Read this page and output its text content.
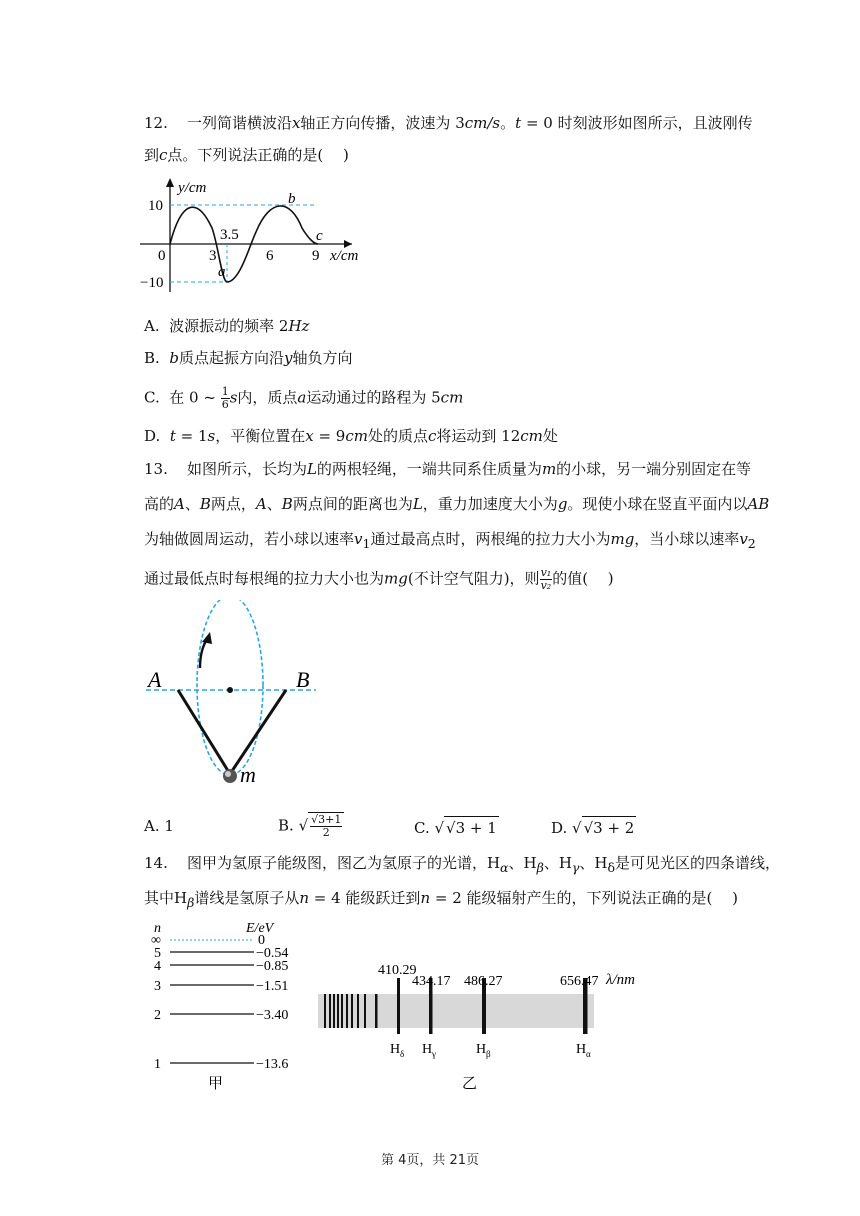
12. 一列简谐横波沿x轴正方向传播，波速为 3cm/s。t = 0 时刻波形如图所示，且波刚传
到c点。下列说法正确的是(　 )
y/cm
x/cm
10
−10
0	3	6	9
3.5
a
b
c
A. 波源振动的频率 2Hz
B. b质点起振方向沿y轴负方向
C. 在 0 ~ $\frac{1}{6}$ s内，质点a运动通过的路程为 5cm
D. t = 1s，平衡位置在x = 9cm处的质点c将运动到 12cm处
13. 如图所示，长均为L的两根轻绳，一端共同系住质量为m的小球，另一端分别固定在等
高的A、B两点，A、B两点间的距离也为L，重力加速度大小为g。现使小球在竖直平面内以AB
为轴做圆周运动，若小球以速率$v_1$通过最高点时，两根绳的拉力大小为mg，当小球以速率$v_2$
通过最低点时每根绳的拉力大小也为mg(不计空气阻力)，则 $\frac{\text{v₁}}{\text{v₂}}$ 的值(　 )
A	B
m
A. 1	B. √ $\frac{√3+1}{2}$	C. √ √3 + 1	D. √ √3 + 2
14. 图甲为氢原子能级图，图乙为氢原子的光谱，$H_\alpha$、$H_\beta$、$H_\gamma$、$H_\delta$是可见光区的四条谱线，
其中$H_\beta$谱线是氢原子从n = 4 能级跃迁到n = 2 能级辐射产生的，下列说法正确的是(　 )
n	E/eV
∞	0
5	−0.54
4	−0.85
3	−1.51
2	−3.40
1	−13.6
甲
410.29
434.17 486.27	656.47 λ/nm
H δ H γ	H β	H α
乙
第 4页，共 21页
